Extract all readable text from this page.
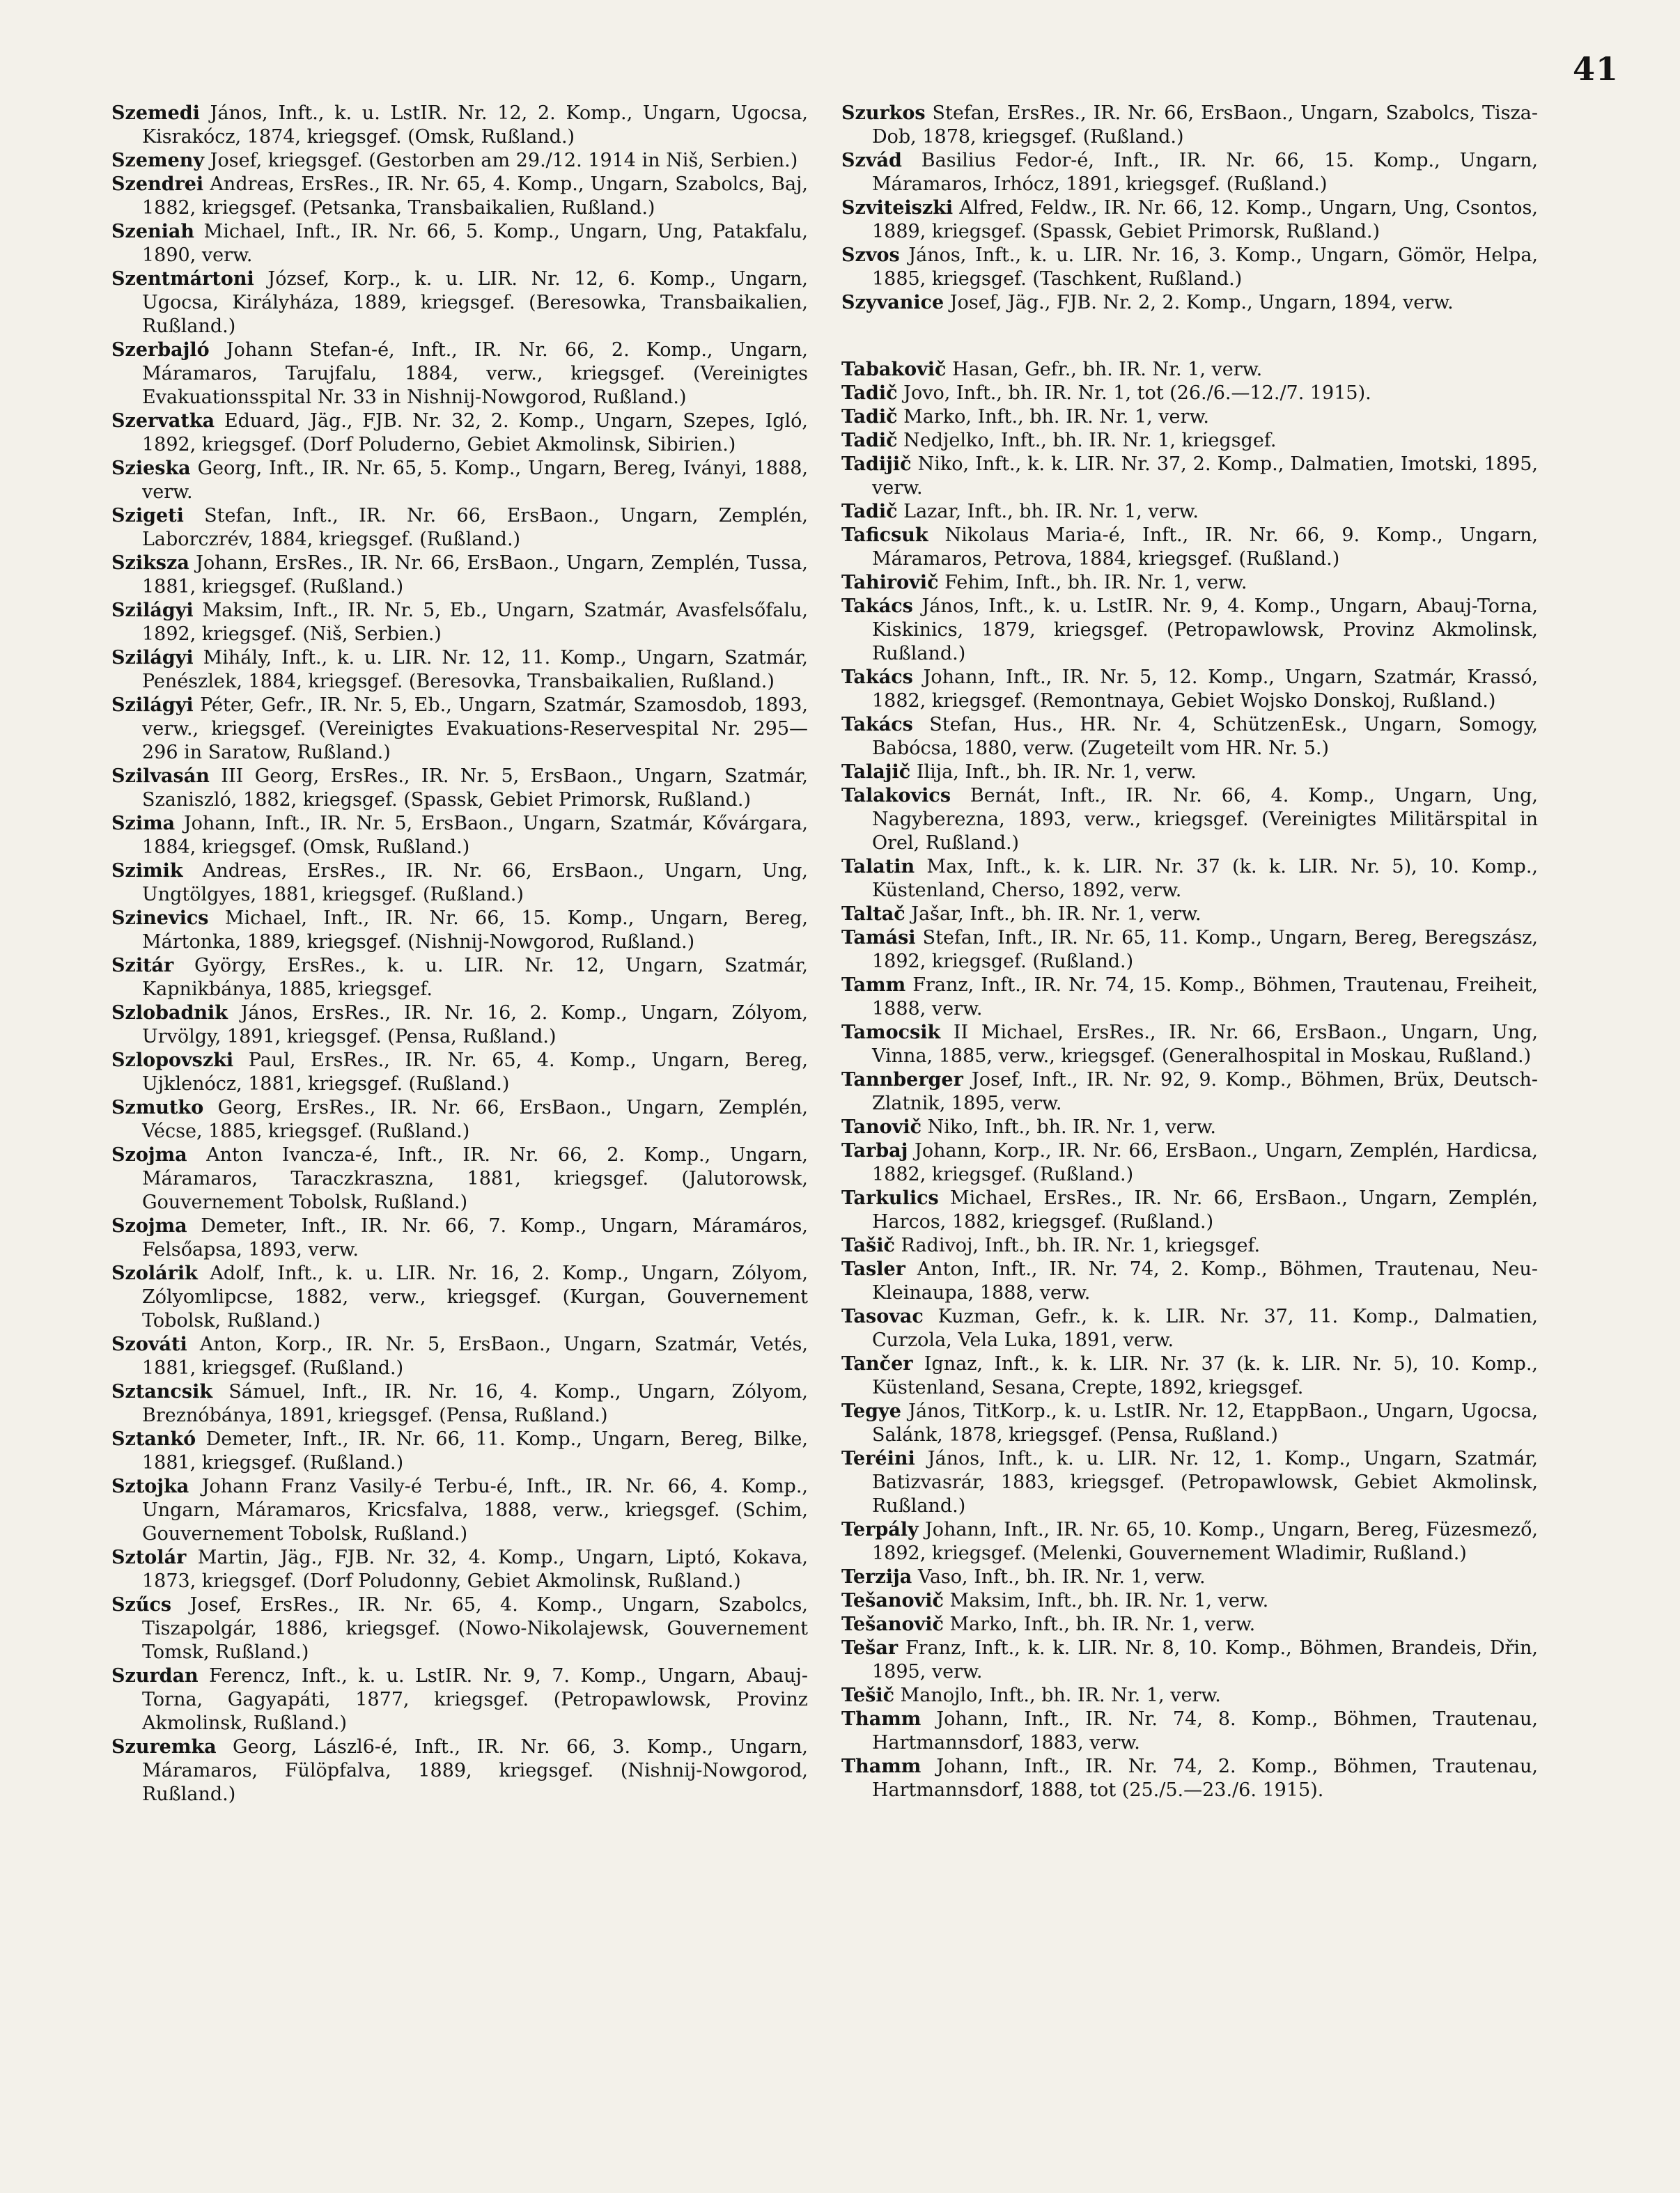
41

Szemedi János, Inft., k. u. LstIR. Nr. 12, 2. Komp., Ungarn, Ugocsa, Kisrakócz, 1874, kriegsgef. (Omsk, Rußland.)

Szemeny Josef, kriegsgef. (Gestorben am 29./12. 1914 in Niš, Serbien.)

Szendrei Andreas, ErsRes., IR. Nr. 65, 4. Komp., Ungarn, Szabolcs, Baj, 1882, kriegsgef. (Petsanka, Transbaikalien, Rußland.)

Szeniah Michael, Inft., IR. Nr. 66, 5. Komp., Ungarn, Ung, Patakfalu, 1890, verw.

Szentmártoni József, Korp., k. u. LIR. Nr. 12, 6. Komp., Ungarn, Ugocsa, Királyháza, 1889, kriegsgef. (Beresowka, Transbaikalien, Rußland.)

Szerbajló Johann Stefan-é, Inft., IR. Nr. 66, 2. Komp., Ungarn, Máramaros, Tarujfalu, 1884, verw., kriegsgef. (Vereinigtes Evakuationsspital Nr. 33 in Nishnij-Nowgorod, Rußland.)

Szervatka Eduard, Jäg., FJB. Nr. 32, 2. Komp., Ungarn, Szepes, Igló, 1892, kriegsgef. (Dorf Poluderno, Gebiet Akmolinsk, Sibirien.)

Szieska Georg, Inft., IR. Nr. 65, 5. Komp., Ungarn, Bereg, Iványi, 1888, verw.

Szigeti Stefan, Inft., IR. Nr. 66, ErsBaon., Ungarn, Zemplén, Laborczrév, 1884, kriegsgef. (Rußland.)

Szikszа Johann, ErsRes., IR. Nr. 66, ErsBaon., Ungarn, Zemplén, Tussa, 1881, kriegsgef. (Rußland.)

Szilágyi Maksim, Inft., IR. Nr. 5, Eb., Ungarn, Szatmár, Avasfelsőfalu, 1892, kriegsgef. (Niš, Serbien.)

Szilágyi Mihály, Inft., k. u. LIR. Nr. 12, 11. Komp., Ungarn, Szatmár, Penészlek, 1884, kriegsgef. (Beresovka, Transbaikalien, Rußland.)

Szilágyi Péter, Gefr., IR. Nr. 5, Eb., Ungarn, Szatmár, Szamosdob, 1893, verw., kriegsgef. (Vereinigtes Evakuations-Reservespital Nr. 295—296 in Saratow, Rußland.)

Szilvasán III Georg, ErsRes., IR. Nr. 5, ErsBaon., Ungarn, Szatmár, Szaniszló, 1882, kriegsgef. (Spassk, Gebiet Primorsk, Rußland.)

Szima Johann, Inft., IR. Nr. 5, ErsBaon., Ungarn, Szatmár, Kővárgara, 1884, kriegsgef. (Omsk, Rußland.)

Szimik Andreas, ErsRes., IR. Nr. 66, ErsBaon., Ungarn, Ung, Ungtölgyes, 1881, kriegsgef. (Rußland.)

Szinevics Michael, Inft., IR. Nr. 66, 15. Komp., Ungarn, Bereg, Mártonka, 1889, kriegsgef. (Nishnij-Nowgorod, Rußland.)

Szitár György, ErsRes., k. u. LIR. Nr. 12, Ungarn, Szatmár, Kapnikbánya, 1885, kriegsgef.

Szlobadnik János, ErsRes., IR. Nr. 16, 2. Komp., Ungarn, Zólyom, Urvölgy, 1891, kriegsgef. (Pensa, Rußland.)

Szlopovszki Paul, ErsRes., IR. Nr. 65, 4. Komp., Ungarn, Bereg, Ujklenócz, 1881, kriegsgef. (Rußland.)

Szmutko Georg, ErsRes., IR. Nr. 66, ErsBaon., Ungarn, Zemplén, Vécse, 1885, kriegsgef. (Rußland.)

Szojma Anton Ivancza-é, Inft., IR. Nr. 66, 2. Komp., Ungarn, Máramaros, Taraczkraszna, 1881, kriegsgef. (Jalutorowsk, Gouvernement Tobolsk, Rußland.)

Szojma Demeter, Inft., IR. Nr. 66, 7. Komp., Ungarn, Máramáros, Felsőapsa, 1893, verw.

Szolárik Adolf, Inft., k. u. LIR. Nr. 16, 2. Komp., Ungarn, Zólyom, Zólyomlipcse, 1882, verw., kriegsgef. (Kurgan, Gouvernement Tobolsk, Rußland.)

Szováti Anton, Korp., IR. Nr. 5, ErsBaon., Ungarn, Szatmár, Vetés, 1881, kriegsgef. (Rußland.)

Sztancsik Sámuel, Inft., IR. Nr. 16, 4. Komp., Ungarn, Zólyom, Breznóbánya, 1891, kriegsgef. (Pensa, Rußland.)

Sztankó Demeter, Inft., IR. Nr. 66, 11. Komp., Ungarn, Bereg, Bilke, 1881, kriegsgef. (Rußland.)

Sztojka Johann Franz Vasily-é Terbu-é, Inft., IR. Nr. 66, 4. Komp., Ungarn, Máramaros, Kricsfalva, 1888, verw., kriegsgef. (Schim, Gouvernement Tobolsk, Rußland.)

Sztolár Martin, Jäg., FJB. Nr. 32, 4. Komp., Ungarn, Liptó, Kokava, 1873, kriegsgef. (Dorf Poludonny, Gebiet Akmolinsk, Rußland.)

Szűcs Josef, ErsRes., IR. Nr. 65, 4. Komp., Ungarn, Szabolcs, Tiszapolgár, 1886, kriegsgef. (Nowo-Nikolajewsk, Gouvernement Tomsk, Rußland.)

Szurdan Ferencz, Inft., k. u. LstIR. Nr. 9, 7. Komp., Ungarn, Abauj-Torna, Gagyapáti, 1877, kriegsgef. (Petropawlowsk, Provinz Akmolinsk, Rußland.)

Szuremka Georg, Lászl6-é, Inft., IR. Nr. 66, 3. Komp., Ungarn, Máramaros, Fülöpfalva, 1889, kriegsgef. (Nishnij-Nowgorod, Rußland.)

Szurkos Stefan, ErsRes., IR. Nr. 66, ErsBaon., Ungarn, Szabolcs, Tisza-Dob, 1878, kriegsgef. (Rußland.)

Szvád Basilius Fedor-é, Inft., IR. Nr. 66, 15. Komp., Ungarn, Máramaros, Irhócz, 1891, kriegsgef. (Rußland.)

Szviteiszki Alfred, Feldw., IR. Nr. 66, 12. Komp., Ungarn, Ung, Csontos, 1889, kriegsgef. (Spassk, Gebiet Primorsk, Rußland.)

Szvos János, Inft., k. u. LIR. Nr. 16, 3. Komp., Ungarn, Gömör, Helpa, 1885, kriegsgef. (Taschkent, Rußland.)

Szyvanice Josef, Jäg., FJB. Nr. 2, 2. Komp., Ungarn, 1894, verw.

Tabakovič Hasan, Gefr., bh. IR. Nr. 1, verw.

Tadič Jovo, Inft., bh. IR. Nr. 1, tot (26./6.—12./7. 1915).

Tadič Marko, Inft., bh. IR. Nr. 1, verw.

Tadič Nedjelko, Inft., bh. IR. Nr. 1, kriegsgef.

Tadijič Niko, Inft., k. k. LIR. Nr. 37, 2. Komp., Dalmatien, Imotski, 1895, verw.

Tadič Lazar, Inft., bh. IR. Nr. 1, verw.

Taficsuk Nikolaus Maria-é, Inft., IR. Nr. 66, 9. Komp., Ungarn, Máramaros, Petrova, 1884, kriegsgef. (Rußland.)

Tahirovič Fehim, Inft., bh. IR. Nr. 1, verw.

Takács János, Inft., k. u. LstIR. Nr. 9, 4. Komp., Ungarn, Abauj-Torna, Kiskinics, 1879, kriegsgef. (Petropawlowsk, Provinz Akmolinsk, Rußland.)

Takács Johann, Inft., IR. Nr. 5, 12. Komp., Ungarn, Szatmár, Krassó, 1882, kriegsgef. (Remontnaya, Gebiet Wojsko Donskoj, Rußland.)

Takács Stefan, Hus., HR. Nr. 4, SchützenEsk., Ungarn, Somogy, Babócsa, 1880, verw. (Zugeteilt vom HR. Nr. 5.)

Talajič Ilija, Inft., bh. IR. Nr. 1, verw.

Talakovics Bernát, Inft., IR. Nr. 66, 4. Komp., Ungarn, Ung, Nagyberezna, 1893, verw., kriegsgef. (Vereinigtes Militärspital in Orel, Rußland.)

Talatin Max, Inft., k. k. LIR. Nr. 37 (k. k. LIR. Nr. 5), 10. Komp., Küstenland, Cherso, 1892, verw.

Taltač Jašar, Inft., bh. IR. Nr. 1, verw.

Tamási Stefan, Inft., IR. Nr. 65, 11. Komp., Ungarn, Bereg, Beregszász, 1892, kriegsgef. (Rußland.)

Tamm Franz, Inft., IR. Nr. 74, 15. Komp., Böhmen, Trautenau, Freiheit, 1888, verw.

Tamocsik II Michael, ErsRes., IR. Nr. 66, ErsBaon., Ungarn, Ung, Vinna, 1885, verw., kriegsgef. (Generalhospital in Moskau, Rußland.)

Tannberger Josef, Inft., IR. Nr. 92, 9. Komp., Böhmen, Brüx, Deutsch-Zlatnik, 1895, verw.

Tanovič Niko, Inft., bh. IR. Nr. 1, verw.

Tarbaj Johann, Korp., IR. Nr. 66, ErsBaon., Ungarn, Zemplén, Hardicsa, 1882, kriegsgef. (Rußland.)

Tarkulics Michael, ErsRes., IR. Nr. 66, ErsBaon., Ungarn, Zemplén, Harcos, 1882, kriegsgef. (Rußland.)

Tašič Radivoj, Inft., bh. IR. Nr. 1, kriegsgef.

Tasler Anton, Inft., IR. Nr. 74, 2. Komp., Böhmen, Trautenau, Neu-Kleinaupa, 1888, verw.

Tasovac Kuzman, Gefr., k. k. LIR. Nr. 37, 11. Komp., Dalmatien, Curzola, Vela Luka, 1891, verw.

Tančer Ignaz, Inft., k. k. LIR. Nr. 37 (k. k. LIR. Nr. 5), 10. Komp., Küstenland, Sesana, Crepte, 1892, kriegsgef.

Tegye János, TitKorp., k. u. LstIR. Nr. 12, EtappBaon., Ungarn, Ugocsa, Salánk, 1878, kriegsgef. (Pensa, Rußland.)

Teréini János, Inft., k. u. LIR. Nr. 12, 1. Komp., Ungarn, Szatmár, Batizvasrár, 1883, kriegsgef. (Petropawlowsk, Gebiet Akmolinsk, Rußland.)

Terpály Johann, Inft., IR. Nr. 65, 10. Komp., Ungarn, Bereg, Füzesmező, 1892, kriegsgef. (Melenki, Gouvernement Wladimir, Rußland.)

Terzija Vaso, Inft., bh. IR. Nr. 1, verw.

Tešanovič Maksim, Inft., bh. IR. Nr. 1, verw.

Tešanovič Marko, Inft., bh. IR. Nr. 1, verw.

Tešar Franz, Inft., k. k. LIR. Nr. 8, 10. Komp., Böhmen, Brandeis, Dřin, 1895, verw.

Tešič Manojlo, Inft., bh. IR. Nr. 1, verw.

Thamm Johann, Inft., IR. Nr. 74, 8. Komp., Böhmen, Trautenau, Hartmannsdorf, 1883, verw.

Thamm Johann, Inft., IR. Nr. 74, 2. Komp., Böhmen, Trautenau, Hartmannsdorf, 1888, tot (25./5.—23./6. 1915).
